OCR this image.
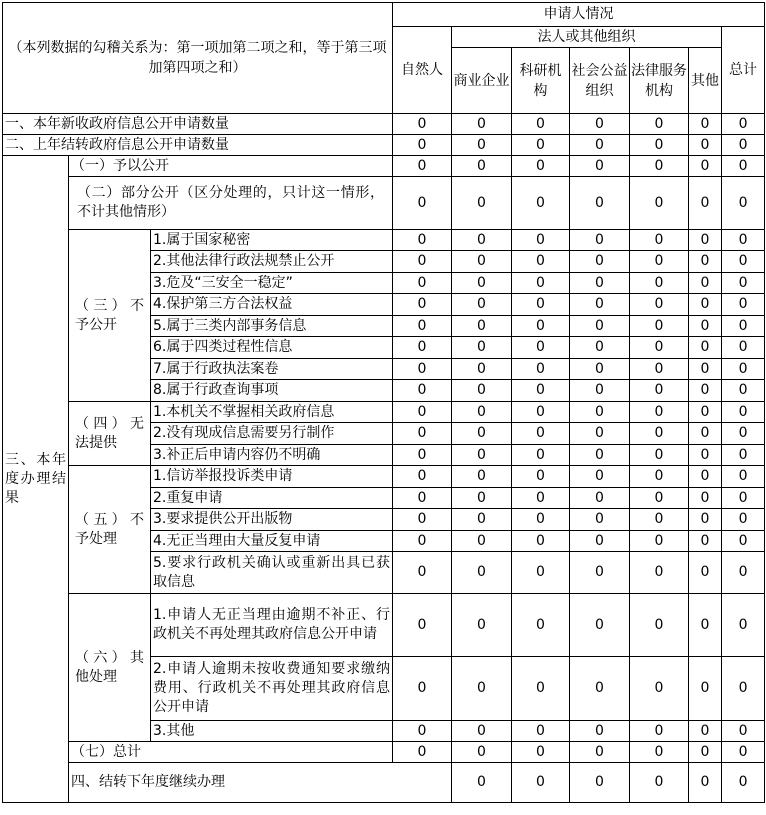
（本列数据的勾稽关系为：第一项加第二项之和，等于第三项加第四项之和）			申请人情况							
			自然人	法人或其他组织					总计	
				商业企业	科研机构	社会公益组织	法律服务机构	其他		

一、本年新收政府信息公开申请数量			0	0	0	0	0	0	0	
二、上年结转政府信息公开申请数量			0	0	0	0	0	0	0	
三、本年度办理结果	（一）予以公开		0	0	0	0	0	0	0	
	（二）部分公开（区分处理的，只计这一情形，不计其他情形）		0	0	0	0	0	0	0	
	（三）不予公开	1.属于国家秘密	0	0	0	0	0	0	0	
		2.其他法律行政法规禁止公开	0	0	0	0	0	0	0	
		3.危及“三安全一稳定”	0	0	0	0	0	0	0	
		4.保护第三方合法权益	0	0	0	0	0	0	0	
		5.属于三类内部事务信息	0	0	0	0	0	0	0	
		6.属于四类过程性信息	0	0	0	0	0	0	0	
		7.属于行政执法案卷	0	0	0	0	0	0	0	
		8.属于行政查询事项	0	0	0	0	0	0	0	
	（四）无法提供	1.本机关不掌握相关政府信息	0	0	0	0	0	0	0	
		2.没有现成信息需要另行制作	0	0	0	0	0	0	0	
		3.补正后申请内容仍不明确	0	0	0	0	0	0	0	
	（五）不予处理	1.信访举报投诉类申请	0	0	0	0	0	0	0	
		2.重复申请	0	0	0	0	0	0	0	
		3.要求提供公开出版物	0	0	0	0	0	0	0	
		4.无正当理由大量反复申请	0	0	0	0	0	0	0	
		5.要求行政机关确认或重新出具已获取信息	0	0	0	0	0	0	0	
	（六）其他处理	1.申请人无正当理由逾期不补正、行政机关不再处理其政府信息公开申请	0	0	0	0	0	0	0	
		2.申请人逾期未按收费通知要求缴纳费用、行政机关不再处理其政府信息公开申请	0	0	0	0	0	0	0	
		3.其他	0	0	0	0	0	0	0	
	（七）总计		0	0	0	0	0	0	0	
	四、结转下年度继续办理			0	0	0	0	0	0	
